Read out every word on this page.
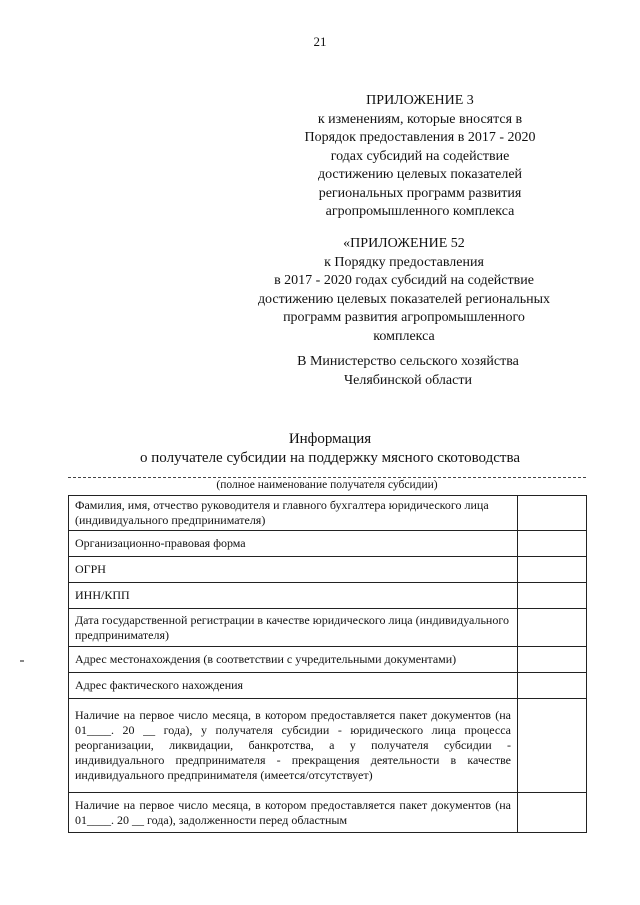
21
ПРИЛОЖЕНИЕ 3
к изменениям, которые вносятся в
Порядок предоставления в 2017 - 2020
годах субсидий на содействие
достижению целевых показателей
региональных программ развития
агропромышленного комплекса
«ПРИЛОЖЕНИЕ 52
к Порядку предоставления
в 2017 - 2020 годах субсидий на содействие
достижению целевых показателей региональных
программ развития агропромышленного
комплекса
В Министерство сельского хозяйства
Челябинской области
Информация
о получателе субсидии на поддержку мясного скотоводства
(полное наименование получателя субсидии)
Фамилия, имя, отчество руководителя и главного бухгалтера юридического лица (индивидуального предпринимателя)	
Организационно-правовая форма	
ОГРН	
ИНН/КПП	
Дата государственной регистрации в качестве юридического лица (индивидуального предпринимателя)	
Адрес местонахождения (в соответствии с учредительными документами)	
Адрес фактического нахождения	
Наличие на первое число месяца, в котором предоставляется пакет документов (на 01____. 20 __ года), у получателя субсидии - юридического лица процесса реорганизации, ликвидации, банкротства, а у получателя субсидии - индивидуального предпринимателя - прекращения деятельности в качестве индивидуального предпринимателя (имеется/отсутствует)	
Наличие на первое число месяца, в котором предоставляется пакет документов (на 01____. 20 __ года), задолженности перед областным	
